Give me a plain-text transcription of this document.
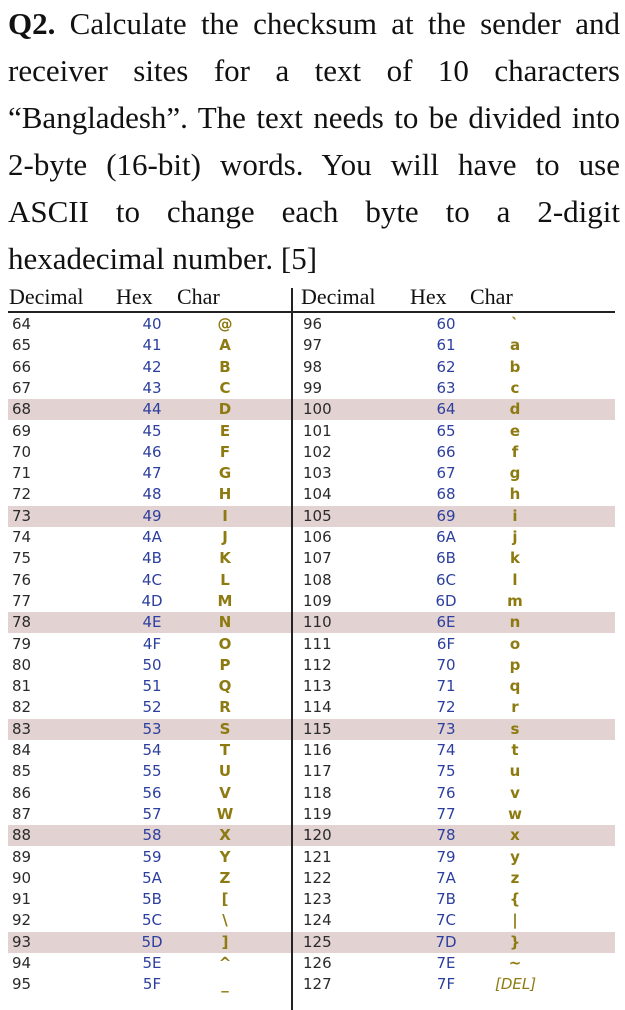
Q2. Calculate the checksum at the sender and receiver sites for a text of 10 characters “Bangladesh”. The text needs to be divided into 2-byte (16-bit) words. You will have to use ASCII to change each byte to a 2-digit hexadecimal number. [5]
Decimal Hex Char	Decimal Hex Char
64	40	@
65	41	A
66	42	B
67	43	C
68	44	D
69	45	E
70	46	F
71	47	G
72	48	H
73	49	I
74	4A	J
75	4B	K
76	4C	L
77	4D	M
78	4E	N
79	4F	O
80	50	P
81	51	Q
82	52	R
83	53	S
84	54	T
85	55	U
86	56	V
87	57	W
88	58	X
89	59	Y
90	5A	Z
91	5B	[
92	5C	\
93	5D	]
94	5E	^
95	5F	_
96	60	`
97	61	a
98	62	b
99	63	c
100	64	d
101	65	e
102	66	f
103	67	g
104	68	h
105	69	i
106	6A	j
107	6B	k
108	6C	l
109	6D	m
110	6E	n
111	6F	o
112	70	p
113	71	q
114	72	r
115	73	s
116	74	t
117	75	u
118	76	v
119	77	w
120	78	x
121	79	y
122	7A	z
123	7B	{
124	7C	|
125	7D	}
126	7E	~
127	7F	[DEL]
